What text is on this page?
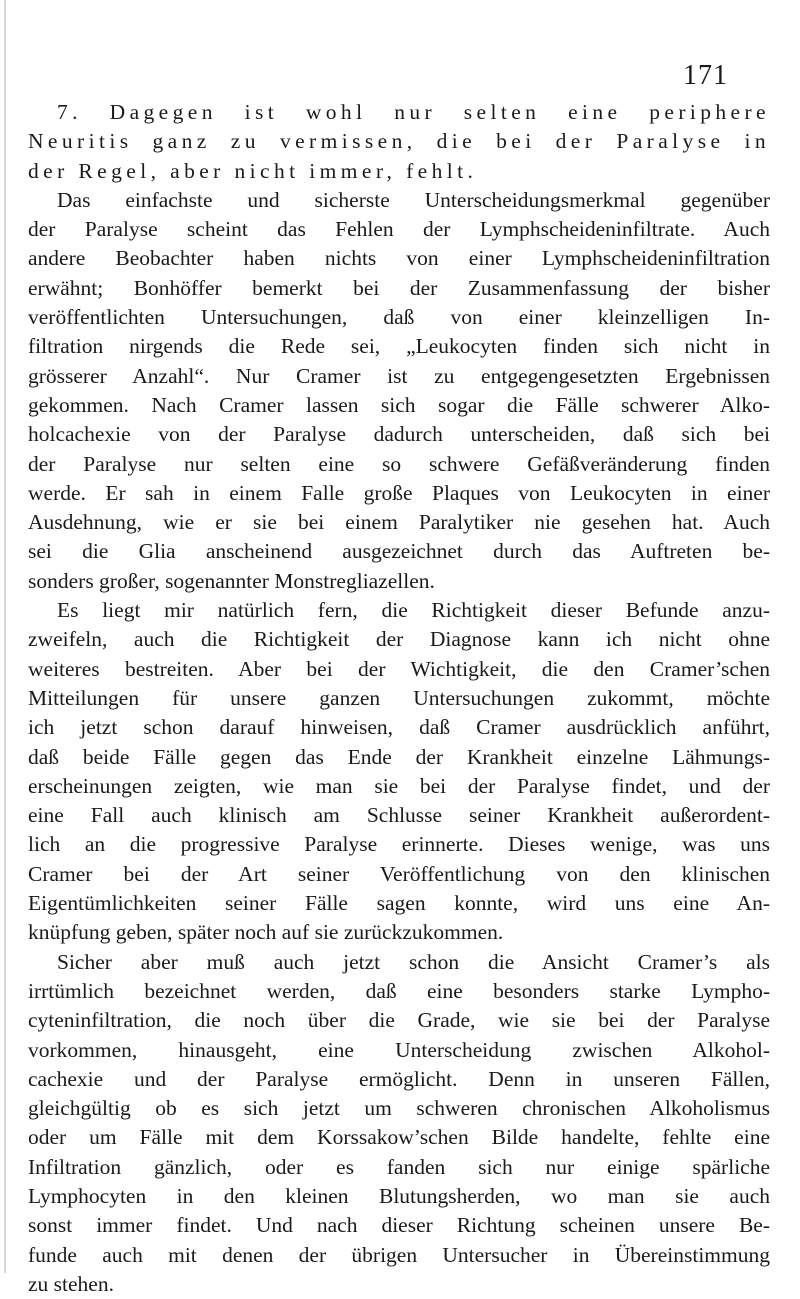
171
7. Dagegen ist wohl nur selten eine periphere
Neuritis ganz zu vermissen, die bei der Paralyse in
der Regel, aber nicht immer, fehlt.
Das einfachste und sicherste Unterscheidungsmerkmal gegenüber
der Paralyse scheint das Fehlen der Lymphscheideninfiltrate. Auch
andere Beobachter haben nichts von einer Lymphscheideninfiltration
erwähnt; Bonhöffer bemerkt bei der Zusammenfassung der bisher
veröffentlichten Untersuchungen, daß von einer kleinzelligen In-
filtration nirgends die Rede sei, „Leukocyten finden sich nicht in
grösserer Anzahl“. Nur Cramer ist zu entgegengesetzten Ergebnissen
gekommen. Nach Cramer lassen sich sogar die Fälle schwerer Alko-
holcachexie von der Paralyse dadurch unterscheiden, daß sich bei
der Paralyse nur selten eine so schwere Gefäßveränderung finden
werde. Er sah in einem Falle große Plaques von Leukocyten in einer
Ausdehnung, wie er sie bei einem Paralytiker nie gesehen hat. Auch
sei die Glia anscheinend ausgezeichnet durch das Auftreten be-
sonders großer, sogenannter Monstregliazellen.
Es liegt mir natürlich fern, die Richtigkeit dieser Befunde anzu-
zweifeln, auch die Richtigkeit der Diagnose kann ich nicht ohne
weiteres bestreiten. Aber bei der Wichtigkeit, die den Cramer’schen
Mitteilungen für unsere ganzen Untersuchungen zukommt, möchte
ich jetzt schon darauf hinweisen, daß Cramer ausdrücklich anführt,
daß beide Fälle gegen das Ende der Krankheit einzelne Lähmungs-
erscheinungen zeigten, wie man sie bei der Paralyse findet, und der
eine Fall auch klinisch am Schlusse seiner Krankheit außerordent-
lich an die progressive Paralyse erinnerte. Dieses wenige, was uns
Cramer bei der Art seiner Veröffentlichung von den klinischen
Eigentümlichkeiten seiner Fälle sagen konnte, wird uns eine An-
knüpfung geben, später noch auf sie zurückzukommen.
Sicher aber muß auch jetzt schon die Ansicht Cramer’s als
irrtümlich bezeichnet werden, daß eine besonders starke Lympho-
cyteninfiltration, die noch über die Grade, wie sie bei der Paralyse
vorkommen, hinausgeht, eine Unterscheidung zwischen Alkohol-
cachexie und der Paralyse ermöglicht. Denn in unseren Fällen,
gleichgültig ob es sich jetzt um schweren chronischen Alkoholismus
oder um Fälle mit dem Korssakow’schen Bilde handelte, fehlte eine
Infiltration gänzlich, oder es fanden sich nur einige spärliche
Lymphocyten in den kleinen Blutungsherden, wo man sie auch
sonst immer findet. Und nach dieser Richtung scheinen unsere Be-
funde auch mit denen der übrigen Untersucher in Übereinstimmung
zu stehen.
